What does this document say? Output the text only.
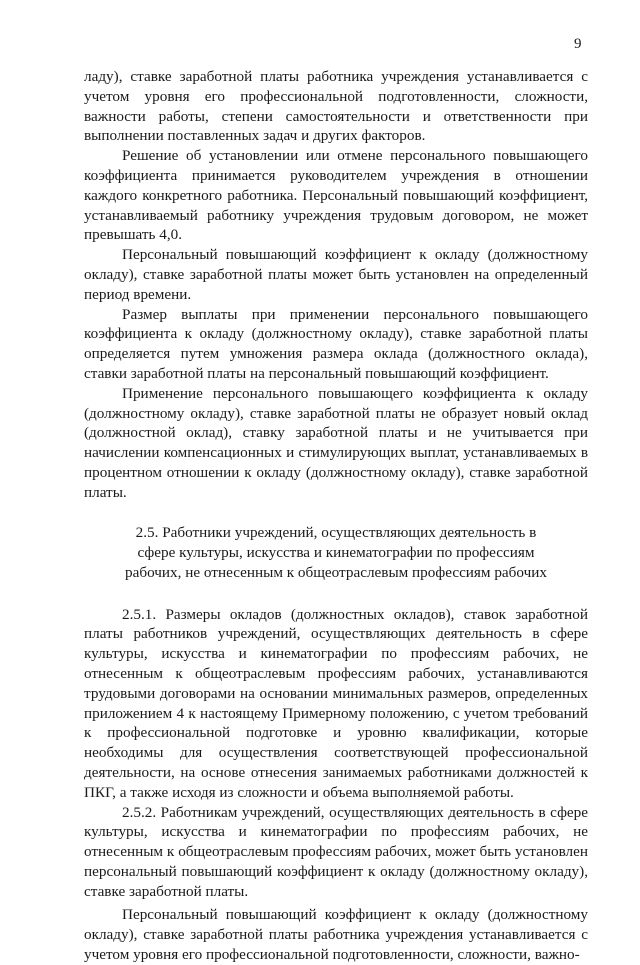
9

ладу), ставке заработной платы работника учреждения устанавливается с учетом уровня его профессиональной подготовленности, сложности, важности работы, степени самостоятельности и ответственности при выполнении поставленных задач и других факторов.

Решение об установлении или отмене персонального повышающего коэффициента принимается руководителем учреждения в отношении каждого конкретного работника. Персональный повышающий коэффициент, устанавливаемый работнику учреждения трудовым договором, не может превышать 4,0.

Персональный повышающий коэффициент к окладу (должностному окладу), ставке заработной платы может быть установлен на определенный период времени.

Размер выплаты при применении персонального повышающего коэффициента к окладу (должностному окладу), ставке заработной платы определяется путем умножения размера оклада (должностного оклада), ставки заработной платы на персональный повышающий коэффициент.

Применение персонального повышающего коэффициента к окладу (должностному окладу), ставке заработной платы не образует новый оклад (должностной оклад), ставку заработной платы и не учитывается при начислении компенсационных и стимулирующих выплат, устанавливаемых в процентном отношении к окладу (должностному окладу), ставке заработной платы.

2.5. Работники учреждений, осуществляющих деятельность в
сфере культуры, искусства и кинематографии по профессиям
рабочих, не отнесенным к общеотраслевым профессиям рабочих

2.5.1. Размеры окладов (должностных окладов), ставок заработной платы работников учреждений, осуществляющих деятельность в сфере культуры, искусства и кинематографии по профессиям рабочих, не отнесенным к общеотраслевым профессиям рабочих, устанавливаются трудовыми договорами на основании минимальных размеров, определенных приложением 4 к настоящему Примерному положению, с учетом требований к профессиональной подготовке и уровню квалификации, которые необходимы для осуществления соответствующей профессиональной деятельности, на основе отнесения занимаемых работниками должностей к ПКГ, а также исходя из сложности и объема выполняемой работы.

2.5.2. Работникам учреждений, осуществляющих деятельность в сфере культуры, искусства и кинематографии по профессиям рабочих, не отнесенным к общеотраслевым профессиям рабочих, может быть установлен персональный повышающий коэффициент к окладу (должностному окладу), ставке заработной платы.

Персональный повышающий коэффициент к окладу (должностному окладу), ставке заработной платы работника учреждения устанавливается с учетом уровня его профессиональной подготовленности, сложности, важно-
